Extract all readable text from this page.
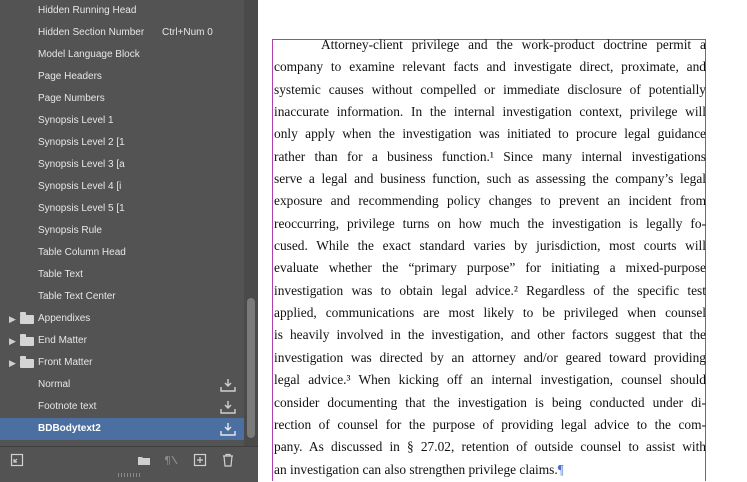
Hidden Running Head
Hidden Section Number Ctrl+Num 0
Model Language Block
Page Headers
Page Numbers
Synopsis Level 1
Synopsis Level 2 [1
Synopsis Level 3 [a
Synopsis Level 4 [i
Synopsis Level 5 [1
Synopsis Rule
Table Column Head
Table Text
Table Text Center
▶ Appendixes
▶ End Matter
▶ Front Matter
Normal
Footnote text
BDBodytext2
¶
Attorney-client privilege and the work-product doctrine permit a
company to examine relevant facts and investigate direct, proximate, and
systemic causes without compelled or immediate disclosure of potentially
inaccurate information. In the internal investigation context, privilege will
only apply when the investigation was initiated to procure legal guidance
rather than for a business function.¹ Since many internal investigations
serve a legal and business function, such as assessing the company’s legal
exposure and recommending policy changes to prevent an incident from
reoccurring, privilege turns on how much the investigation is legally fo-
cused. While the exact standard varies by jurisdiction, most courts will
evaluate whether the “primary purpose” for initiating a mixed-purpose
investigation was to obtain legal advice.² Regardless of the specific test
applied, communications are most likely to be privileged when counsel
is heavily involved in the investigation, and other factors suggest that the
investigation was directed by an attorney and/or geared toward providing
legal advice.³ When kicking off an internal investigation, counsel should
consider documenting that the investigation is being conducted under di-
rection of counsel for the purpose of providing legal advice to the com-
pany. As discussed in § 27.02, retention of outside counsel to assist with
an investigation can also strengthen privilege claims.¶
